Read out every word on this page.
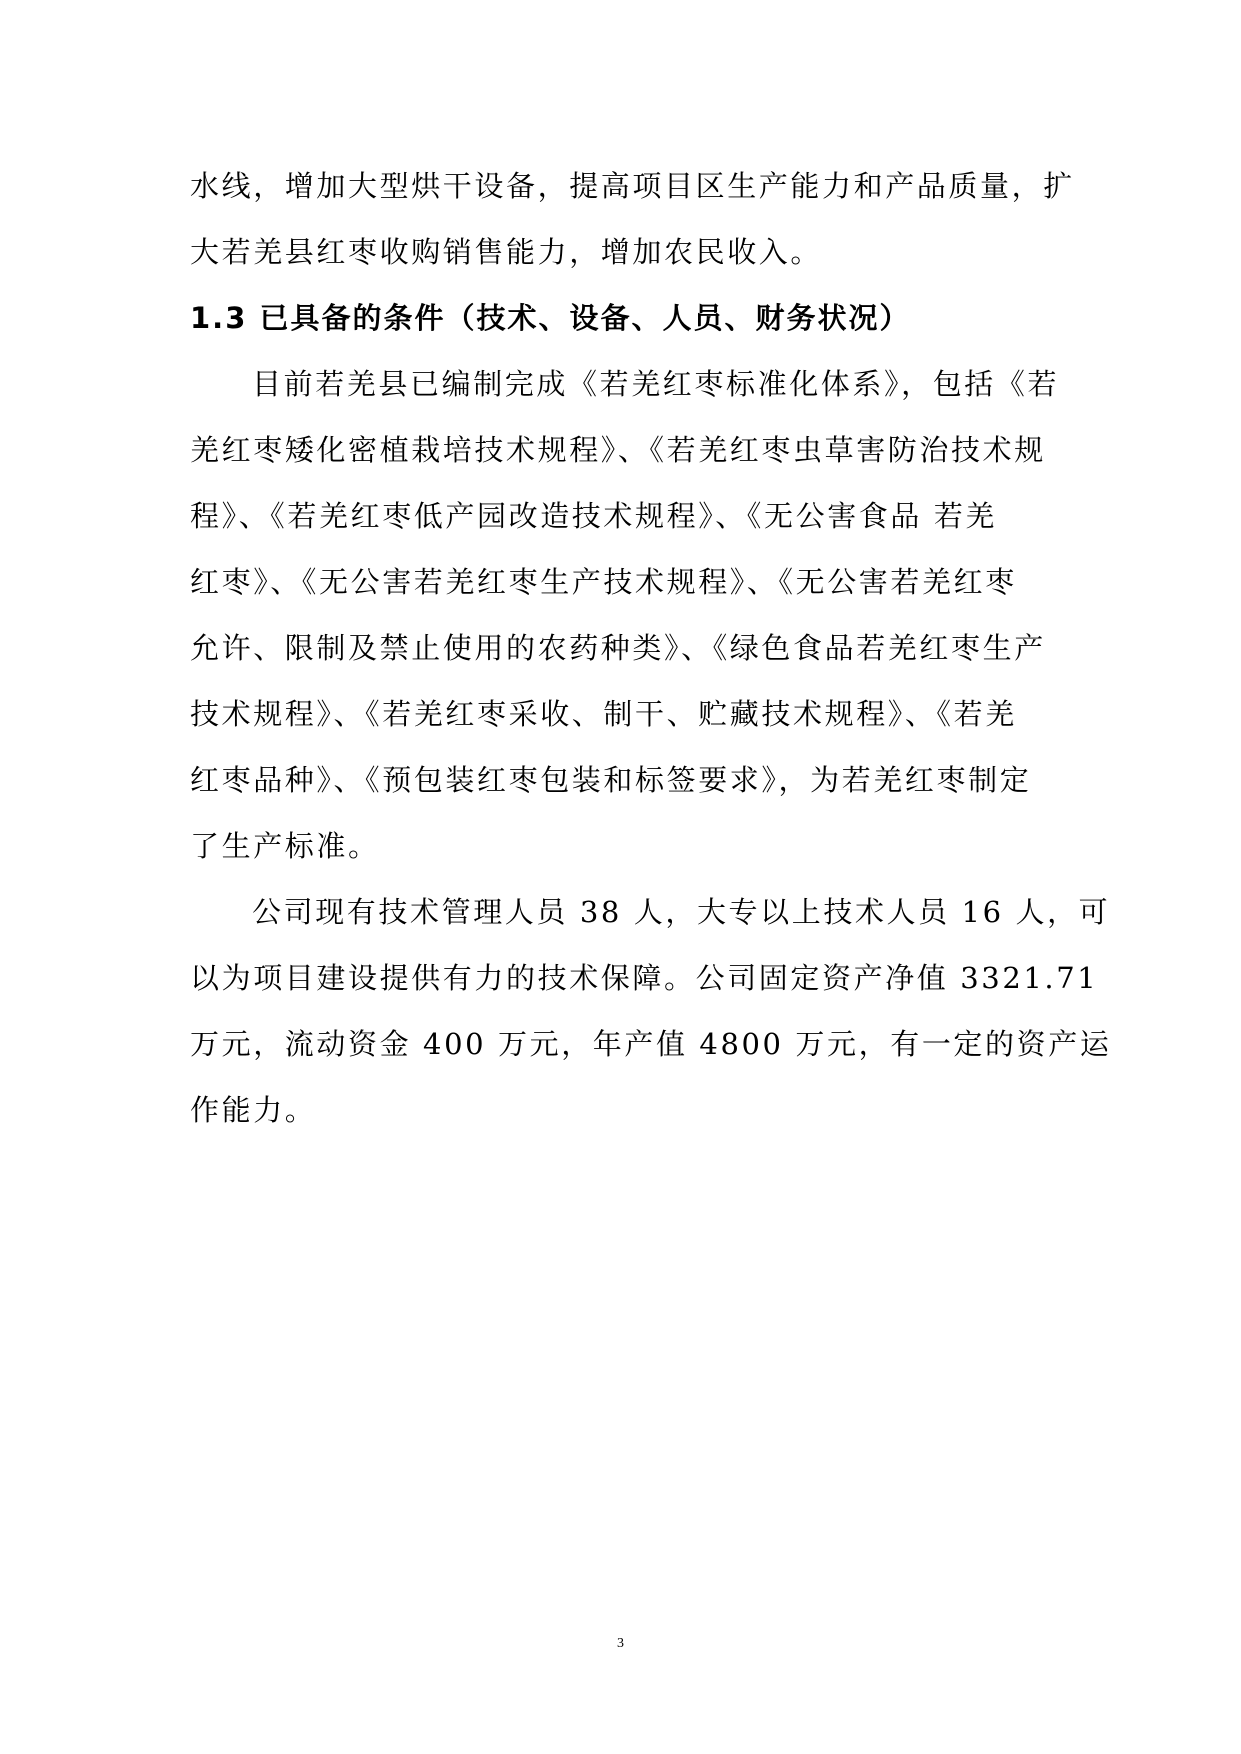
水线，增加大型烘干设备，提高项目区生产能力和产品质量，扩
大若羌县红枣收购销售能力，增加农民收入。
1.3 已具备的条件（技术、设备、人员、财务状况）
目前若羌县已编制完成《若羌红枣标准化体系》，包括《若
羌红枣矮化密植栽培技术规程》、《若羌红枣虫草害防治技术规
程》、《若羌红枣低产园改造技术规程》、《无公害食品 若羌
红枣》、《无公害若羌红枣生产技术规程》、《无公害若羌红枣
允许、限制及禁止使用的农药种类》、《绿色食品若羌红枣生产
技术规程》、《若羌红枣采收、制干、贮藏技术规程》、《若羌
红枣品种》、《预包装红枣包装和标签要求》，为若羌红枣制定
了生产标准。
公司现有技术管理人员 38 人，大专以上技术人员 16 人，可
以为项目建设提供有力的技术保障。公司固定资产净值 3321.71
万元，流动资金 400 万元，年产值 4800 万元，有一定的资产运
作能力。
3
